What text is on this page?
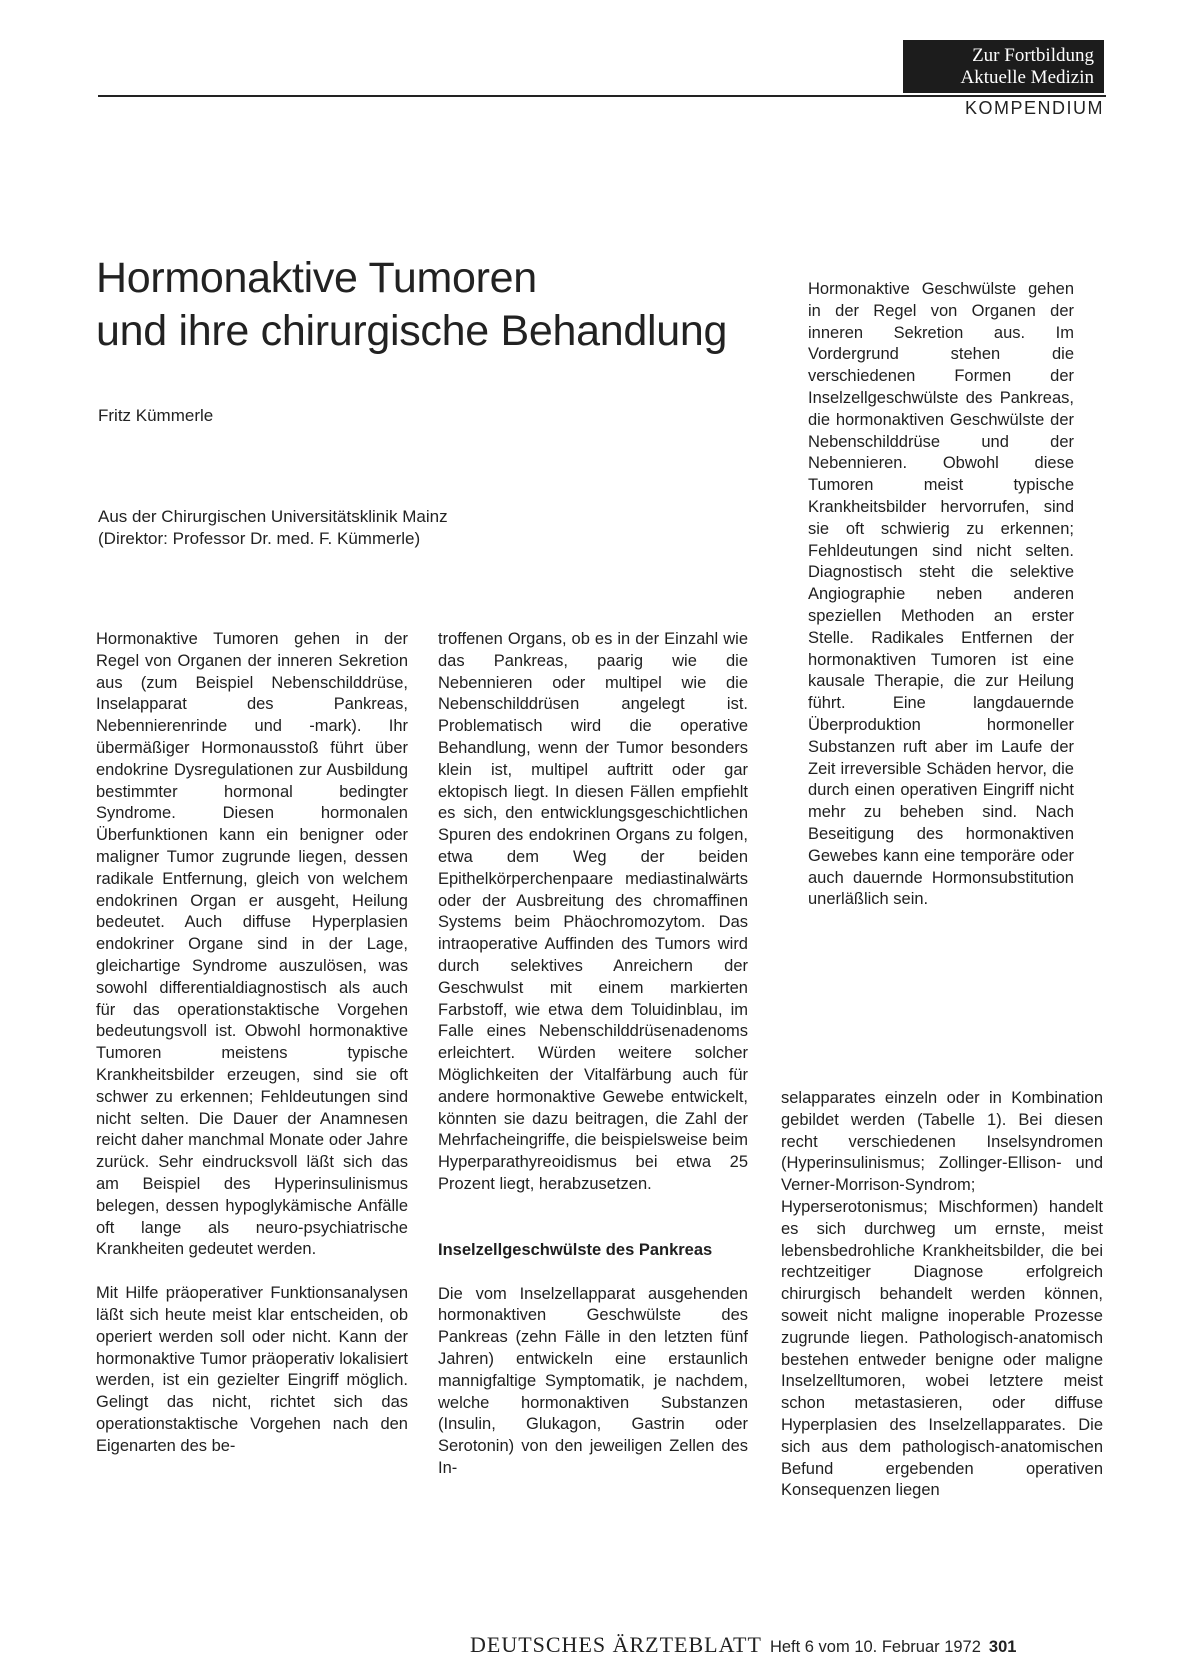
Zur Fortbildung
Aktuelle Medizin
KOMPENDIUM
Hormonaktive Tumoren
und ihre chirurgische Behandlung
Fritz Kümmerle
Aus der Chirurgischen Universitätsklinik Mainz
(Direktor: Professor Dr. med. F. Kümmerle)

Hormonaktive Geschwülste gehen in der Regel von Organen der inneren Sekretion aus. Im Vordergrund stehen die verschiedenen Formen der Inselzellgeschwülste des Pankreas, die hormonaktiven Geschwülste der Nebenschilddrüse und der Nebennieren. Obwohl diese Tumoren meist typische Krankheitsbilder hervorrufen, sind sie oft schwierig zu erkennen; Fehldeutungen sind nicht selten. Diagnostisch steht die selektive Angiographie neben anderen speziellen Methoden an erster Stelle. Radikales Entfernen der hormonaktiven Tumoren ist eine kausale Therapie, die zur Heilung führt. Eine langdauernde Überproduktion hormoneller Substanzen ruft aber im Laufe der Zeit irreversible Schäden hervor, die durch einen operativen Eingriff nicht mehr zu beheben sind. Nach Beseitigung des hormonaktiven Gewebes kann eine temporäre oder auch dauernde Hormonsubstitution unerläßlich sein.

Hormonaktive Tumoren gehen in der Regel von Organen der inneren Sekretion aus (zum Beispiel Nebenschilddrüse, Inselapparat des Pankreas, Nebennierenrinde und -mark). Ihr übermäßiger Hormonausstoß führt über endokrine Dysregulationen zur Ausbildung bestimmter hormonal bedingter Syndrome. Diesen hormonalen Überfunktionen kann ein benigner oder maligner Tumor zugrunde liegen, dessen radikale Entfernung, gleich von welchem endokrinen Organ er ausgeht, Heilung bedeutet. Auch diffuse Hyperplasien endokriner Organe sind in der Lage, gleichartige Syndrome auszulösen, was sowohl differentialdiagnostisch als auch für das operationstaktische Vorgehen bedeutungsvoll ist. Obwohl hormonaktive Tumoren meistens typische Krankheitsbilder erzeugen, sind sie oft schwer zu erkennen; Fehldeutungen sind nicht selten. Die Dauer der Anamnesen reicht daher manchmal Monate oder Jahre zurück. Sehr eindrucksvoll läßt sich das am Beispiel des Hyperinsulinismus belegen, dessen hypoglykämische Anfälle oft lange als neuro-psychiatrische Krankheiten gedeutet werden.

Mit Hilfe präoperativer Funktionsanalysen läßt sich heute meist klar entscheiden, ob operiert werden soll oder nicht. Kann der hormonaktive Tumor präoperativ lokalisiert werden, ist ein gezielter Eingriff möglich. Gelingt das nicht, richtet sich das operationstaktische Vorgehen nach den Eigenarten des be-

troffenen Organs, ob es in der Einzahl wie das Pankreas, paarig wie die Nebennieren oder multipel wie die Nebenschilddrüsen angelegt ist. Problematisch wird die operative Behandlung, wenn der Tumor besonders klein ist, multipel auftritt oder gar ektopisch liegt. In diesen Fällen empfiehlt es sich, den entwicklungsgeschichtlichen Spuren des endokrinen Organs zu folgen, etwa dem Weg der beiden Epithelkörperchenpaare mediastinalwärts oder der Ausbreitung des chromaffinen Systems beim Phäochromozytom. Das intraoperative Auffinden des Tumors wird durch selektives Anreichern der Geschwulst mit einem markierten Farbstoff, wie etwa dem Toluidinblau, im Falle eines Nebenschilddrüsenadenoms erleichtert. Würden weitere solcher Möglichkeiten der Vitalfärbung auch für andere hormonaktive Gewebe entwickelt, könnten sie dazu beitragen, die Zahl der Mehrfacheingriffe, die beispielsweise beim Hyperparathyreoidismus bei etwa 25 Prozent liegt, herabzusetzen.

Inselzellgeschwülste des Pankreas

Die vom Inselzellapparat ausgehenden hormonaktiven Geschwülste des Pankreas (zehn Fälle in den letzten fünf Jahren) entwickeln eine erstaunlich mannigfaltige Symptomatik, je nachdem, welche hormonaktiven Substanzen (Insulin, Glukagon, Gastrin oder Serotonin) von den jeweiligen Zellen des In-

selapparates einzeln oder in Kombination gebildet werden (Tabelle 1). Bei diesen recht verschiedenen Inselsyndromen (Hyperinsulinismus; Zollinger-Ellison- und Verner-Morrison-Syndrom; Hyperserotonismus; Mischformen) handelt es sich durchweg um ernste, meist lebensbedrohliche Krankheitsbilder, die bei rechtzeitiger Diagnose erfolgreich chirurgisch behandelt werden können, soweit nicht maligne inoperable Prozesse zugrunde liegen. Pathologisch-anatomisch bestehen entweder benigne oder maligne Inselzelltumoren, wobei letztere meist schon metastasieren, oder diffuse Hyperplasien des Inselzellapparates. Die sich aus dem pathologisch-anatomischen Befund ergebenden operativen Konsequenzen liegen

DEUTSCHES ÄRZTEBLATT Heft 6 vom 10. Februar 1972 301
